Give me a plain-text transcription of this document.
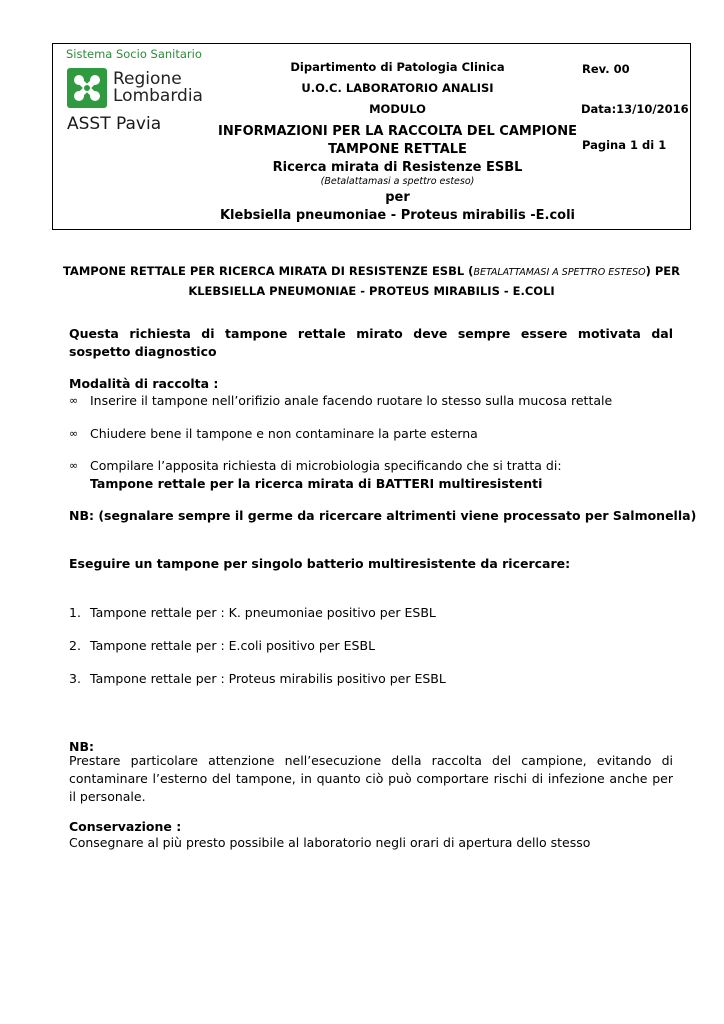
Sistema Socio Sanitario
Regione
Lombardia
ASST Pavia
Dipartimento di Patologia Clinica
U.O.C. LABORATORIO ANALISI
Rev. 00
MODULO	Data:13/10/2016
INFORMAZIONI PER LA RACCOLTA DEL CAMPIONE
TAMPONE RETTALE
Ricerca mirata di Resistenze ESBL
(Betalattamasi a spettro esteso)
per
Klebsiella pneumoniae - Proteus mirabilis -E.coli
Pagina 1 di 1
TAMPONE RETTALE PER RICERCA MIRATA DI RESISTENZE ESBL (BETALATTAMASI A SPETTRO ESTESO) PER
KLEBSIELLA PNEUMONIAE - PROTEUS MIRABILIS - E.COLI
Questa richiesta di tampone rettale mirato deve sempre essere motivata dal sospetto diagnostico
Modalità di raccolta :
∞ Inserire il tampone nell’orifizio anale facendo ruotare lo stesso sulla mucosa rettale
∞ Chiudere bene il tampone e non contaminare la parte esterna
∞ Compilare l’apposita richiesta di microbiologia specificando che si tratta di:
Tampone rettale per la ricerca mirata di BATTERI multiresistenti
NB: (segnalare sempre il germe da ricercare altrimenti viene processato per Salmonella)
Eseguire un tampone per singolo batterio multiresistente da ricercare:
1. Tampone rettale per : K. pneumoniae positivo per ESBL
2. Tampone rettale per : E.coli positivo per ESBL
3. Tampone rettale per : Proteus mirabilis positivo per ESBL
NB:
Prestare particolare attenzione nell’esecuzione della raccolta del campione, evitando di contaminare l’esterno del tampone, in quanto ciò può comportare rischi di infezione anche per il personale.
Conservazione :
Consegnare al più presto possibile al laboratorio negli orari di apertura dello stesso
